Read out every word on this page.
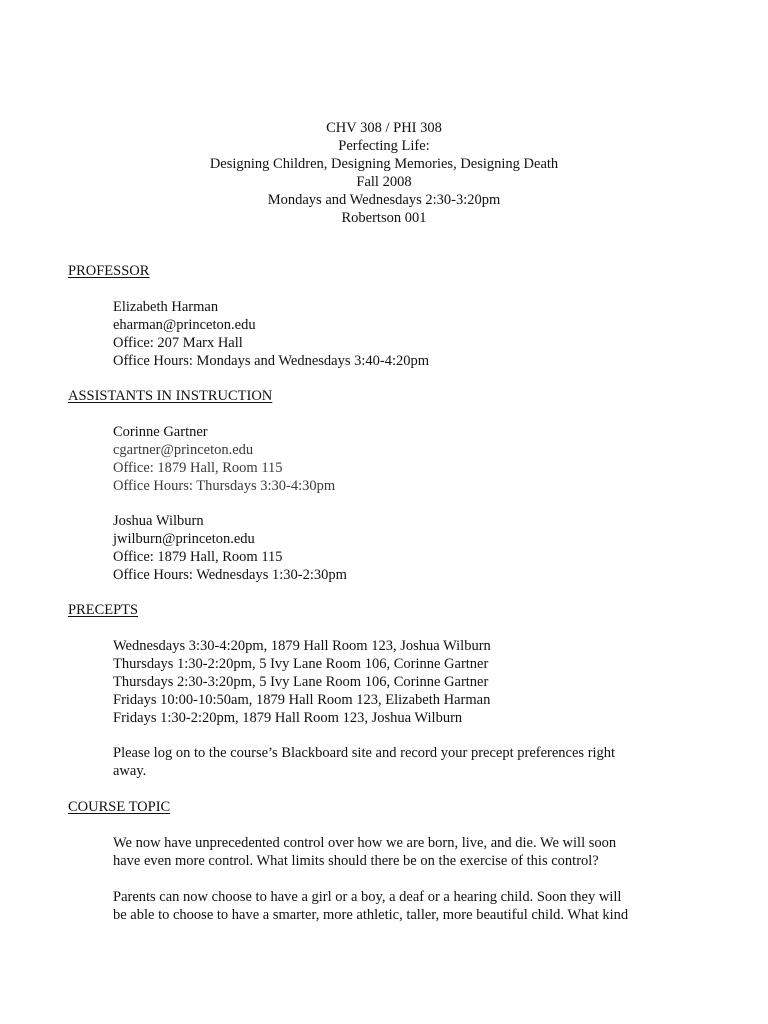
CHV 308 / PHI 308
Perfecting Life:
Designing Children, Designing Memories, Designing Death
Fall 2008
Mondays and Wednesdays 2:30-3:20pm
Robertson 001
PROFESSOR
Elizabeth Harman
eharman@princeton.edu
Office: 207 Marx Hall
Office Hours: Mondays and Wednesdays 3:40-4:20pm
ASSISTANTS IN INSTRUCTION
Corinne Gartner
cgartner@princeton.edu
Office: 1879 Hall, Room 115
Office Hours: Thursdays 3:30-4:30pm
Joshua Wilburn
jwilburn@princeton.edu
Office: 1879 Hall, Room 115
Office Hours: Wednesdays 1:30-2:30pm
PRECEPTS
Wednesdays 3:30-4:20pm, 1879 Hall Room 123, Joshua Wilburn
Thursdays 1:30-2:20pm, 5 Ivy Lane Room 106, Corinne Gartner
Thursdays 2:30-3:20pm, 5 Ivy Lane Room 106, Corinne Gartner
Fridays 10:00-10:50am, 1879 Hall Room 123, Elizabeth Harman
Fridays 1:30-2:20pm, 1879 Hall Room 123, Joshua Wilburn
Please log on to the course’s Blackboard site and record your precept preferences right
away.
COURSE TOPIC
We now have unprecedented control over how we are born, live, and die. We will soon
have even more control. What limits should there be on the exercise of this control?
Parents can now choose to have a girl or a boy, a deaf or a hearing child. Soon they will
be able to choose to have a smarter, more athletic, taller, more beautiful child. What kind
